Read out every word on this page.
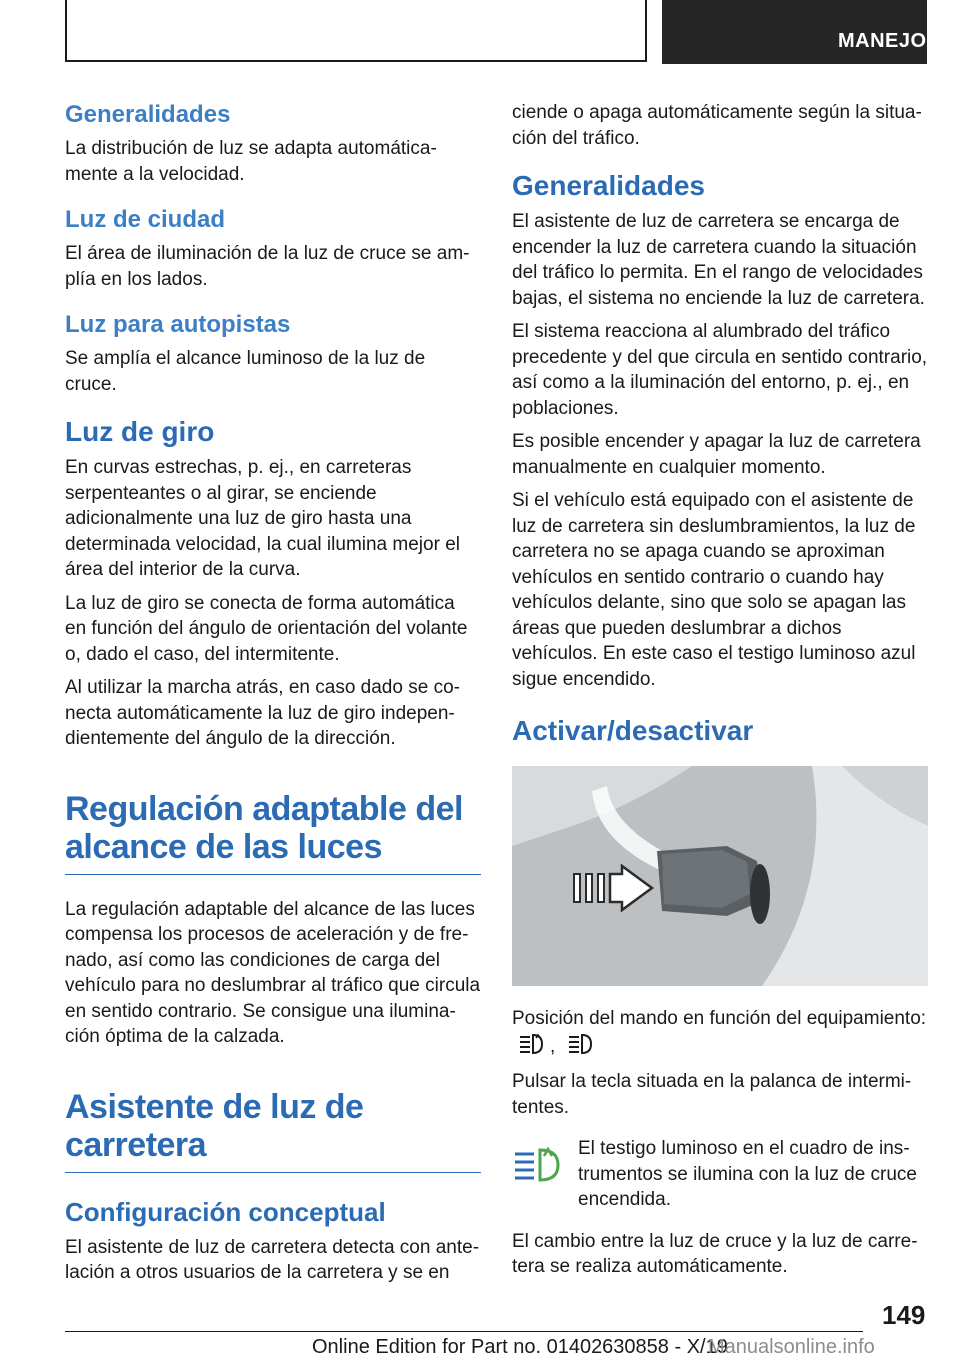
MANEJO
Generalidades

La distribución de luz se adapta automáticamente a la velocidad.

Luz de ciudad

El área de iluminación de la luz de cruce se amplía en los lados.

Luz para autopistas

Se amplía el alcance luminoso de la luz de cruce.

Luz de giro

En curvas estrechas, p. ej., en carreteras serpenteantes o al girar, se enciende adicionalmente una luz de giro hasta una determinada velocidad, la cual ilumina mejor el área del interior de la curva.

La luz de giro se conecta de forma automática en función del ángulo de orientación del volante o, dado el caso, del intermitente.

Al utilizar la marcha atrás, en caso dado se conecta automáticamente la luz de giro independientemente del ángulo de la dirección.

Regulación adaptable del alcance de las luces

La regulación adaptable del alcance de las luces compensa los procesos de aceleración y de frenado, así como las condiciones de carga del vehículo para no deslumbrar al tráfico que circula en sentido contrario. Se consigue una iluminación óptima de la calzada.

Asistente de luz de carretera
Configuración conceptual

El asistente de luz de carretera detecta con antelación a otros usuarios de la carretera y se en

ciende o apaga automáticamente según la situación del tráfico.

Generalidades

El asistente de luz de carretera se encarga de encender la luz de carretera cuando la situación del tráfico lo permita. En el rango de velocidades bajas, el sistema no enciende la luz de carretera.

El sistema reacciona al alumbrado del tráfico precedente y del que circula en sentido contrario, así como a la iluminación del entorno, p. ej., en poblaciones.

Es posible encender y apagar la luz de carretera manualmente en cualquier momento.

Si el vehículo está equipado con el asistente de luz de carretera sin deslumbramientos, la luz de carretera no se apaga cuando se aproximan vehículos en sentido contrario o cuando hay vehículos delante, sino que solo se apagan las áreas que pueden deslumbrar a dichos vehículos. En este caso el testigo luminoso azul sigue encendido.

Activar/desactivar

Posición del mando en función del equipamiento: ,

Pulsar la tecla situada en la palanca de intermitentes.

El testigo luminoso en el cuadro de instrumentos se ilumina con la luz de cruce encendida.

El cambio entre la luz de cruce y la luz de carretera se realiza automáticamente.

149
Online Edition for Part no. 01402630858 - X/19
Manualsonline.info
